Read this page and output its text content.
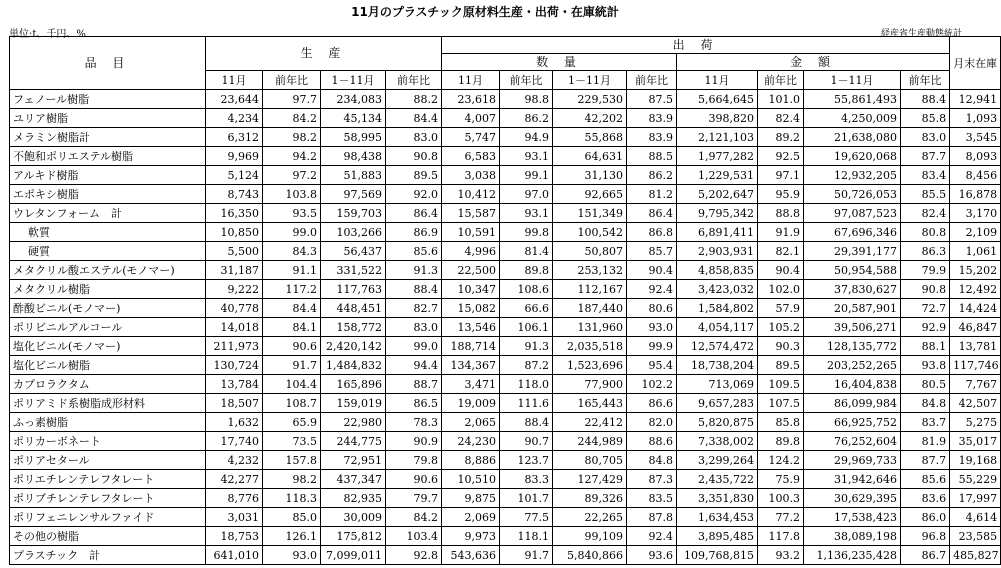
11月のプラスチック原材料生産・出荷・在庫統計
単位:t、千円、%	経産省生産動態統計
品 目	生 産				出 荷								月末在庫
					数 量				金 額				
	11月	前年比	1－11月	前年比	11月	前年比	1－11月	前年比	11月	前年比	1－11月	前年比	
フェノール樹脂	23,644	97.7	234,083	88.2	23,618	98.8	229,530	87.5	5,664,645	101.0	55,861,493	88.4	12,941
ユリア樹脂	4,234	84.2	45,134	84.4	4,007	86.2	42,202	83.9	398,820	82.4	4,250,009	85.8	1,093
メラミン樹脂計	6,312	98.2	58,995	83.0	5,747	94.9	55,868	83.9	2,121,103	89.2	21,638,080	83.0	3,545
不飽和ポリエステル樹脂	9,969	94.2	98,438	90.8	6,583	93.1	64,631	88.5	1,977,282	92.5	19,620,068	87.7	8,093
アルキド樹脂	5,124	97.2	51,883	89.5	3,038	99.1	31,130	86.2	1,229,531	97.1	12,932,205	83.4	8,456
エポキシ樹脂	8,743	103.8	97,569	92.0	10,412	97.0	92,665	81.2	5,202,647	95.9	50,726,053	85.5	16,878
ウレタンフォーム　計	16,350	93.5	159,703	86.4	15,587	93.1	151,349	86.4	9,795,342	88.8	97,087,523	82.4	3,170
軟質	10,850	99.0	103,266	86.9	10,591	99.8	100,542	86.8	6,891,411	91.9	67,696,346	80.8	2,109
硬質	5,500	84.3	56,437	85.6	4,996	81.4	50,807	85.7	2,903,931	82.1	29,391,177	86.3	1,061
メタクリル酸エステル(モノマー)	31,187	91.1	331,522	91.3	22,500	89.8	253,132	90.4	4,858,835	90.4	50,954,588	79.9	15,202
メタクリル樹脂	9,222	117.2	117,763	88.4	10,347	108.6	112,167	92.4	3,423,032	102.0	37,830,627	90.8	12,492
酢酸ビニル(モノマー)	40,778	84.4	448,451	82.7	15,082	66.6	187,440	80.6	1,584,802	57.9	20,587,901	72.7	14,424
ポリビニルアルコール	14,018	84.1	158,772	83.0	13,546	106.1	131,960	93.0	4,054,117	105.2	39,506,271	92.9	46,847
塩化ビニル(モノマー)	211,973	90.6	2,420,142	99.0	188,714	91.3	2,035,518	99.9	12,574,472	90.3	128,135,772	88.1	13,781
塩化ビニル樹脂	130,724	91.7	1,484,832	94.4	134,367	87.2	1,523,696	95.4	18,738,204	89.5	203,252,265	93.8	117,746
カプロラクタム	13,784	104.4	165,896	88.7	3,471	118.0	77,900	102.2	713,069	109.5	16,404,838	80.5	7,767
ポリアミド系樹脂成形材料	18,507	108.7	159,019	86.5	19,009	111.6	165,443	86.6	9,657,283	107.5	86,099,984	84.8	42,507
ふっ素樹脂	1,632	65.9	22,980	78.3	2,065	88.4	22,412	82.0	5,820,875	85.8	66,925,752	83.7	5,275
ポリカーボネート	17,740	73.5	244,775	90.9	24,230	90.7	244,989	88.6	7,338,002	89.8	76,252,604	81.9	35,017
ポリアセタール	4,232	157.8	72,951	79.8	8,886	123.7	80,705	84.8	3,299,264	124.2	29,969,733	87.7	19,168
ポリエチレンテレフタレート	42,277	98.2	437,347	90.6	10,510	83.3	127,429	87.3	2,435,722	75.9	31,942,646	85.6	55,229
ポリブチレンテレフタレート	8,776	118.3	82,935	79.7	9,875	101.7	89,326	83.5	3,351,830	100.3	30,629,395	83.6	17,997
ポリフェニレンサルファイド	3,031	85.0	30,009	84.2	2,069	77.5	22,265	87.8	1,634,453	77.2	17,538,423	86.0	4,614
その他の樹脂	18,753	126.1	175,812	103.4	9,973	118.1	99,109	92.4	3,895,485	117.8	38,089,198	96.8	23,585
プラスチック　計	641,010	93.0	7,099,011	92.8	543,636	91.7	5,840,866	93.6	109,768,815	93.2	1,136,235,428	86.7	485,827
